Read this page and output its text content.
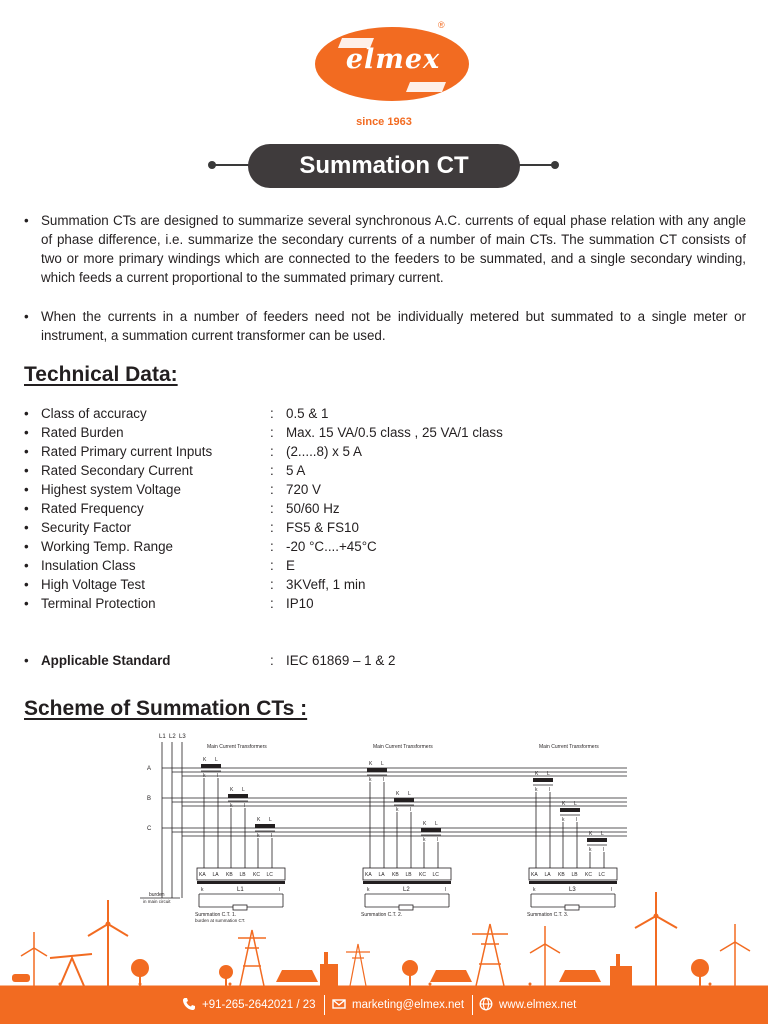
elmex
®
since 1963
Summation CT
• Summation CTs are designed to summarize several synchronous A.C. currents of equal phase relation with any angle of phase difference, i.e. summarize the secondary currents of a number of main CTs. The summation CT consists of two or more primary windings which are connected to the feeders to be summated, and a single secondary winding, which feeds a current proportional to the summated primary current.
• When the currents in a number of feeders need not be individually metered but summated to a single meter or instrument, a summation current transformer can be used.
Technical Data:
• Class of accuracy	: 0.5 & 1
• Rated Burden	: Max. 15 VA/0.5 class , 25 VA/1 class
• Rated Primary current Inputs	: (2.....8) x 5 A
• Rated Secondary Current	: 5 A
• Highest system Voltage	: 720 V
• Rated Frequency	: 50/60 Hz
• Security Factor	: FS5 & FS10
• Working Temp. Range	: -20 °C....+45°C
• Insulation Class	: E
• High Voltage Test	: 3KVeff, 1 min
• Terminal Protection	: IP10
• Applicable Standard	: IEC 61869 – 1 & 2
Scheme of Summation CTs :
L1 L2 L3
A
B
C
Main Current Transformers
K L
k l
K L
k l
K L
k l
KA LA KB LB KC LC
k	L1	l
Summation C.T. 1.
Main Current Transformers
K L
k l
K L
k l
K L
k l
KA LA KB LB KC LC
k	L2	l
Summation C.T. 2.
Main Current Transformers
K L
k l
K L
k l
K L
k l
KA LA KB LB KC LC
k	L3	l
Summation C.T. 3.
burden
in main circuit
burden at summation CT.
+91-265-2642021 / 23	marketing@elmex.net	www.elmex.net
